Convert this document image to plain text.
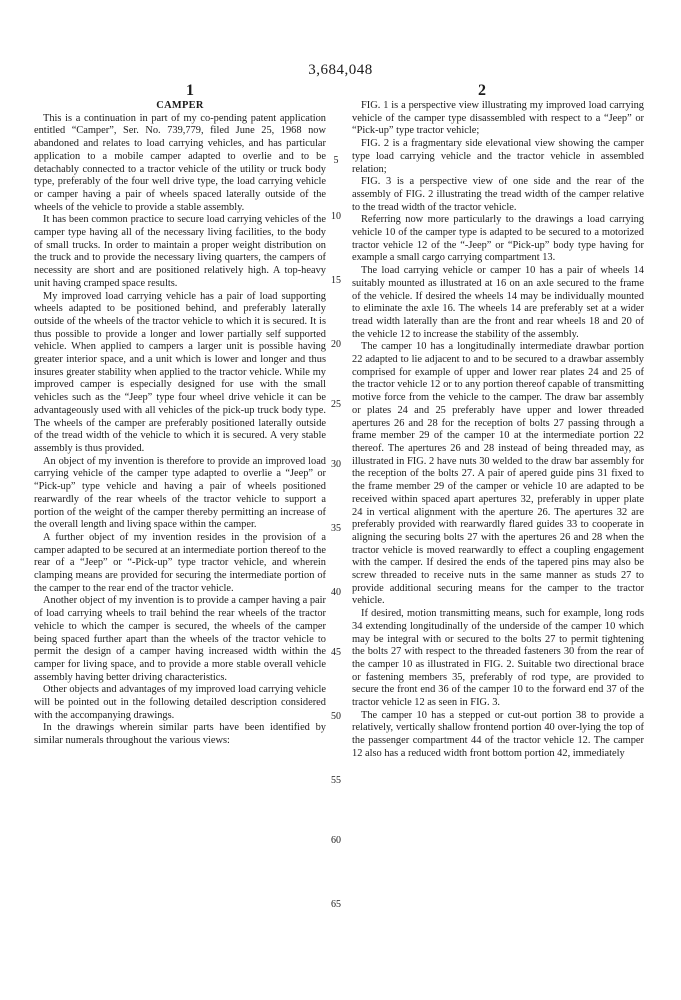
3,684,048
1	2
CAMPER

This is a continuation in part of my co-pending patent application entitled “Camper”, Ser. No. 739,779, filed June 25, 1968 now abandoned and relates to load carrying vehicles, and has particular application to a mobile camper adapted to overlie and to be detachably connected to a tractor vehicle of the utility or truck body type, preferably of the four well drive type, the load carrying vehicle or camper having a pair of wheels spaced laterally outside of the wheels of the vehicle to provide a stable assembly.

It has been common practice to secure load carrying vehicles of the camper type having all of the necessary living facilities, to the body of small trucks. In order to maintain a proper weight distribution on the truck and to provide the necessary living quarters, the campers of necessity are short and are positioned relatively high. A top-heavy unit having cramped space results.

My improved load carrying vehicle has a pair of load supporting wheels adapted to be positioned behind, and preferably laterally outside of the wheels of the tractor vehicle to which it is secured. It is thus possible to provide a longer and lower partially self supported vehicle. When applied to campers a larger unit is possible having greater interior space, and a unit which is lower and longer and thus insures greater stability when applied to the tractor vehicle. While my improved camper is especially designed for use with the small vehicles such as the “Jeep” type four wheel drive vehicle it can be advantageously used with all vehicles of the pick-up truck body type. The wheels of the camper are preferably positioned laterally outside of the tread width of the vehicle to which it is secured. A very stable assembly is thus provided.

An object of my invention is therefore to provide an improved load carrying vehicle of the camper type adapted to overlie a “Jeep” or “Pick-up” type vehicle and having a pair of wheels positioned rearwardly of the rear wheels of the tractor vehicle to support a portion of the weight of the camper thereby permitting an increase of the overall length and living space within the camper.

A further object of my invention resides in the provision of a camper adapted to be secured at an intermediate portion thereof to the rear of a “Jeep” or “-Pick-up” type tractor vehicle, and wherein clamping means are provided for securing the intermediate portion of the camper to the rear end of the tractor vehicle.

Another object of my invention is to provide a camper having a pair of load carrying wheels to trail behind the rear wheels of the tractor vehicle to which the camper is secured, the wheels of the camper being spaced further apart than the wheels of the tractor vehicle to permit the design of a camper having increased width within the camper for living space, and to provide a more stable overall vehicle assembly having better driving characteristics.

Other objects and advantages of my improved load carrying vehicle will be pointed out in the following detailed description considered with the accompanying drawings.

In the drawings wherein similar parts have been identified by similar numerals throughout the various views:

5
10
15
20
25
30
35
40
45
50
55
60
65

FIG. 1 is a perspective view illustrating my improved load carrying vehicle of the camper type disassembled with respect to a “Jeep” or “Pick-up” type tractor vehicle;

FIG. 2 is a fragmentary side elevational view showing the camper type load carrying vehicle and the tractor vehicle in assembled relation;

FIG. 3 is a perspective view of one side and the rear of the assembly of FIG. 2 illustrating the tread width of the camper relative to the tread width of the tractor vehicle.

Referring now more particularly to the drawings a load carrying vehicle 10 of the camper type is adapted to be secured to a motorized tractor vehicle 12 of the “-Jeep” or “Pick-up” body type having for example a small cargo carrying compartment 13.

The load carrying vehicle or camper 10 has a pair of wheels 14 suitably mounted as illustrated at 16 on an axle secured to the frame of the vehicle. If desired the wheels 14 may be individually mounted to eliminate the axle 16. The wheels 14 are preferably set at a wider tread width laterally than are the front and rear wheels 18 and 20 of the vehicle 12 to increase the stability of the assembly.

The camper 10 has a longitudinally intermediate drawbar portion 22 adapted to lie adjacent to and to be secured to a drawbar assembly comprised for example of upper and lower rear plates 24 and 25 of the tractor vehicle 12 or to any portion thereof capable of transmitting motive force from the vehicle to the camper. The draw bar assembly or plates 24 and 25 preferably have upper and lower threaded apertures 26 and 28 for the reception of bolts 27 passing through a frame member 29 of the camper 10 at the intermediate portion 22 thereof. The apertures 26 and 28 instead of being threaded may, as illustrated in FIG. 2 have nuts 30 welded to the draw bar assembly for the reception of the bolts 27. A pair of apered guide pins 31 fixed to the frame member 29 of the camper or vehicle 10 are adapted to be received within spaced apart apertures 32, preferably in upper plate 24 in vertical alignment with the aperture 26. The apertures 32 are preferably provided with rearwardly flared guides 33 to cooperate in aligning the securing bolts 27 with the apertures 26 and 28 when the tractor vehicle is moved rearwardly to effect a coupling engagement with the camper. If desired the ends of the tapered pins may also be screw threaded to receive nuts in the same manner as studs 27 to provide additional securing means for the camper to the tractor vehicle.

If desired, motion transmitting means, such for example, long rods 34 extending longitudinally of the underside of the camper 10 which may be integral with or secured to the bolts 27 to permit tightening the bolts 27 with respect to the threaded fasteners 30 from the rear of the camper 10 as illustrated in FIG. 2. Suitable two directional brace or fastening members 35, preferably of rod type, are provided to secure the front end 36 of the camper 10 to the forward end 37 of the tractor vehicle 12 as seen in FIG. 3.

The camper 10 has a stepped or cut-out portion 38 to provide a relatively, vertically shallow frontend portion 40 over-lying the top of the passenger compartment 44 of the tractor vehicle 12. The camper 12 also has a reduced width front bottom portion 42, immediately
